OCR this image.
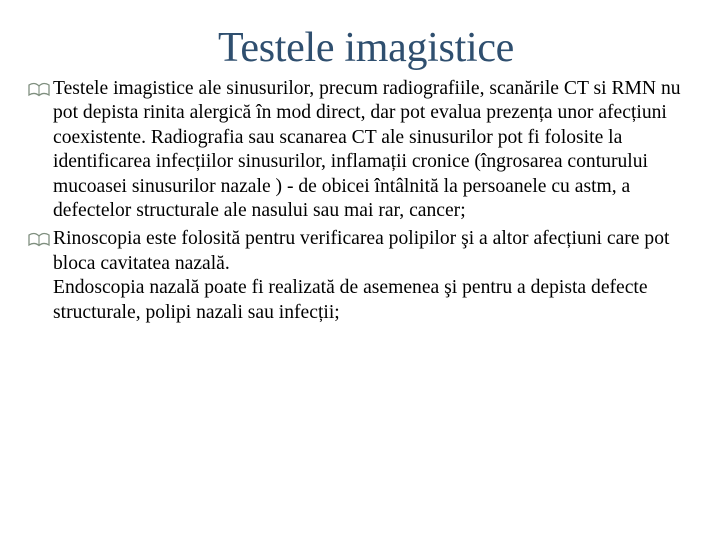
Testele imagistice
Testele imagistice ale sinusurilor, precum radiografiile, scanările CT si RMN nu pot depista rinita alergică în mod direct, dar pot evalua prezența unor afecțiuni coexistente. Radiografia sau scanarea CT ale sinusurilor pot fi folosite la identificarea infecțiilor sinusurilor, inflamații cronice (îngrosarea conturului mucoasei sinusurilor nazale ) - de obicei întâlnită la persoanele cu astm, a defectelor structurale ale nasului sau mai rar, cancer;
Rinoscopia este folosită pentru verificarea polipilor şi a altor afecțiuni care pot bloca cavitatea nazală.
Endoscopia nazală poate fi realizată de asemenea şi pentru a depista defecte structurale, polipi nazali sau infecții;
